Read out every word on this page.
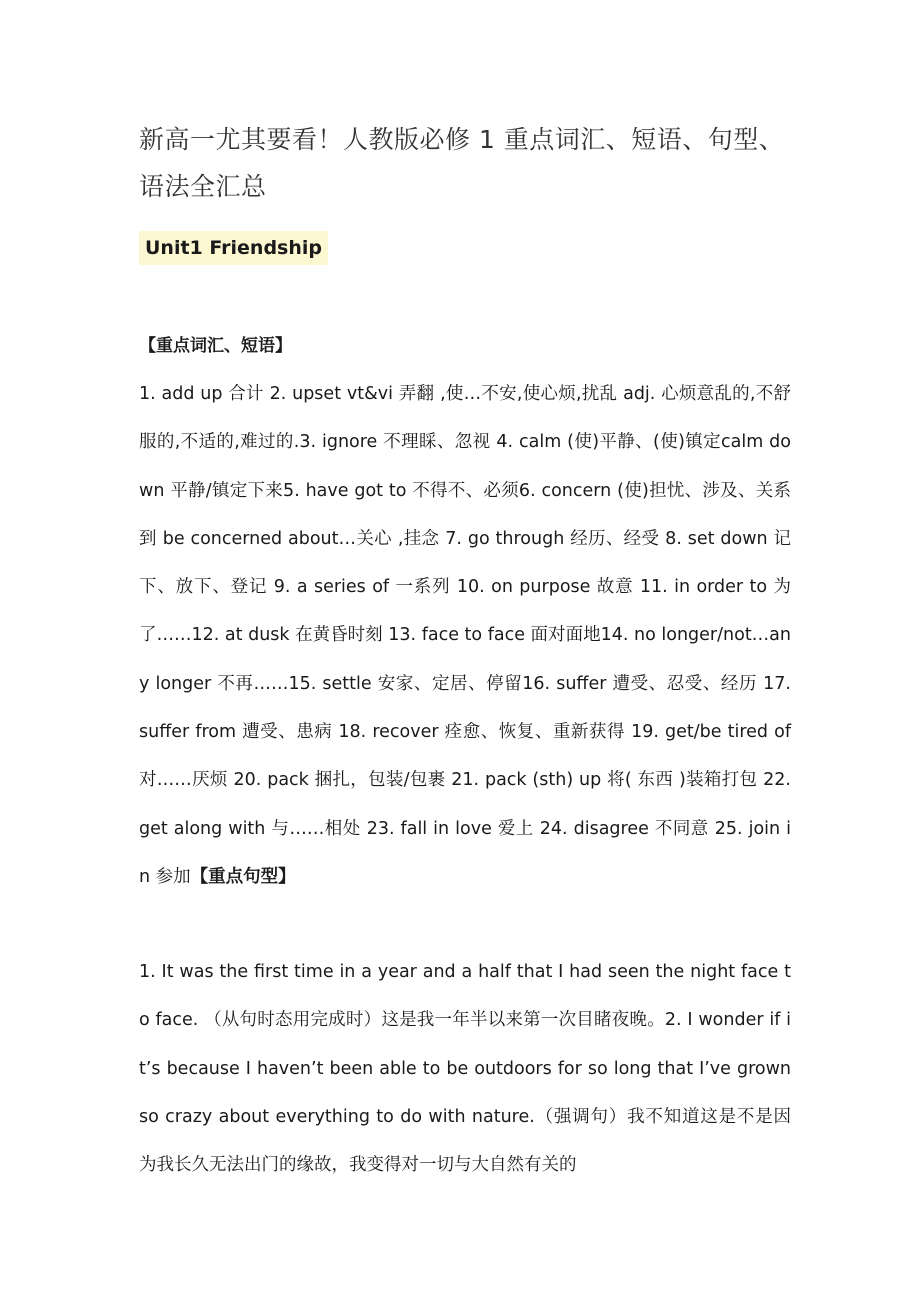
新高一尤其要看！人教版必修 1 重点词汇、短语、句型、语法全汇总
Unit1 Friendship
【重点词汇、短语】

1. add up 合计 2. upset vt&vi 弄翻 ,使…不安,使心烦,扰乱 adj. 心烦意乱的,不舒服的,不适的,难过的.3. ignore 不理睬、忽视 4. calm (使)平静、(使)镇定calm down 平静/镇定下来5. have got to 不得不、必须6. concern (使)担忧、涉及、关系到 be concerned about…关心 ,挂念 7. go through 经历、经受 8. set down 记下、放下、登记 9. a series of 一系列 10. on purpose 故意 11. in order to 为了……12. at dusk 在黄昏时刻 13. face to face 面对面地14. no longer/not…any longer 不再……15. settle 安家、定居、停留16. suffer 遭受、忍受、经历 17. suffer from 遭受、患病 18. recover 痊愈、恢复、重新获得 19. get/be tired of 对……厌烦 20. pack 捆扎，包装/包裹 21. pack (sth) up 将( 东西 )装箱打包 22. get along with 与……相处 23. fall in love 爱上 24. disagree 不同意 25. join in 参加【重点句型】

1. It was the first time in a year and a half that I had seen the night face to face. （从句时态用完成时）这是我一年半以来第一次目睹夜晚。2. I wonder if it’s because I haven’t been able to be outdoors for so long that I’ve grown so crazy about everything to do with nature.（强调句）我不知道这是不是因为我长久无法出门的缘故，我变得对一切与大自然有关的
